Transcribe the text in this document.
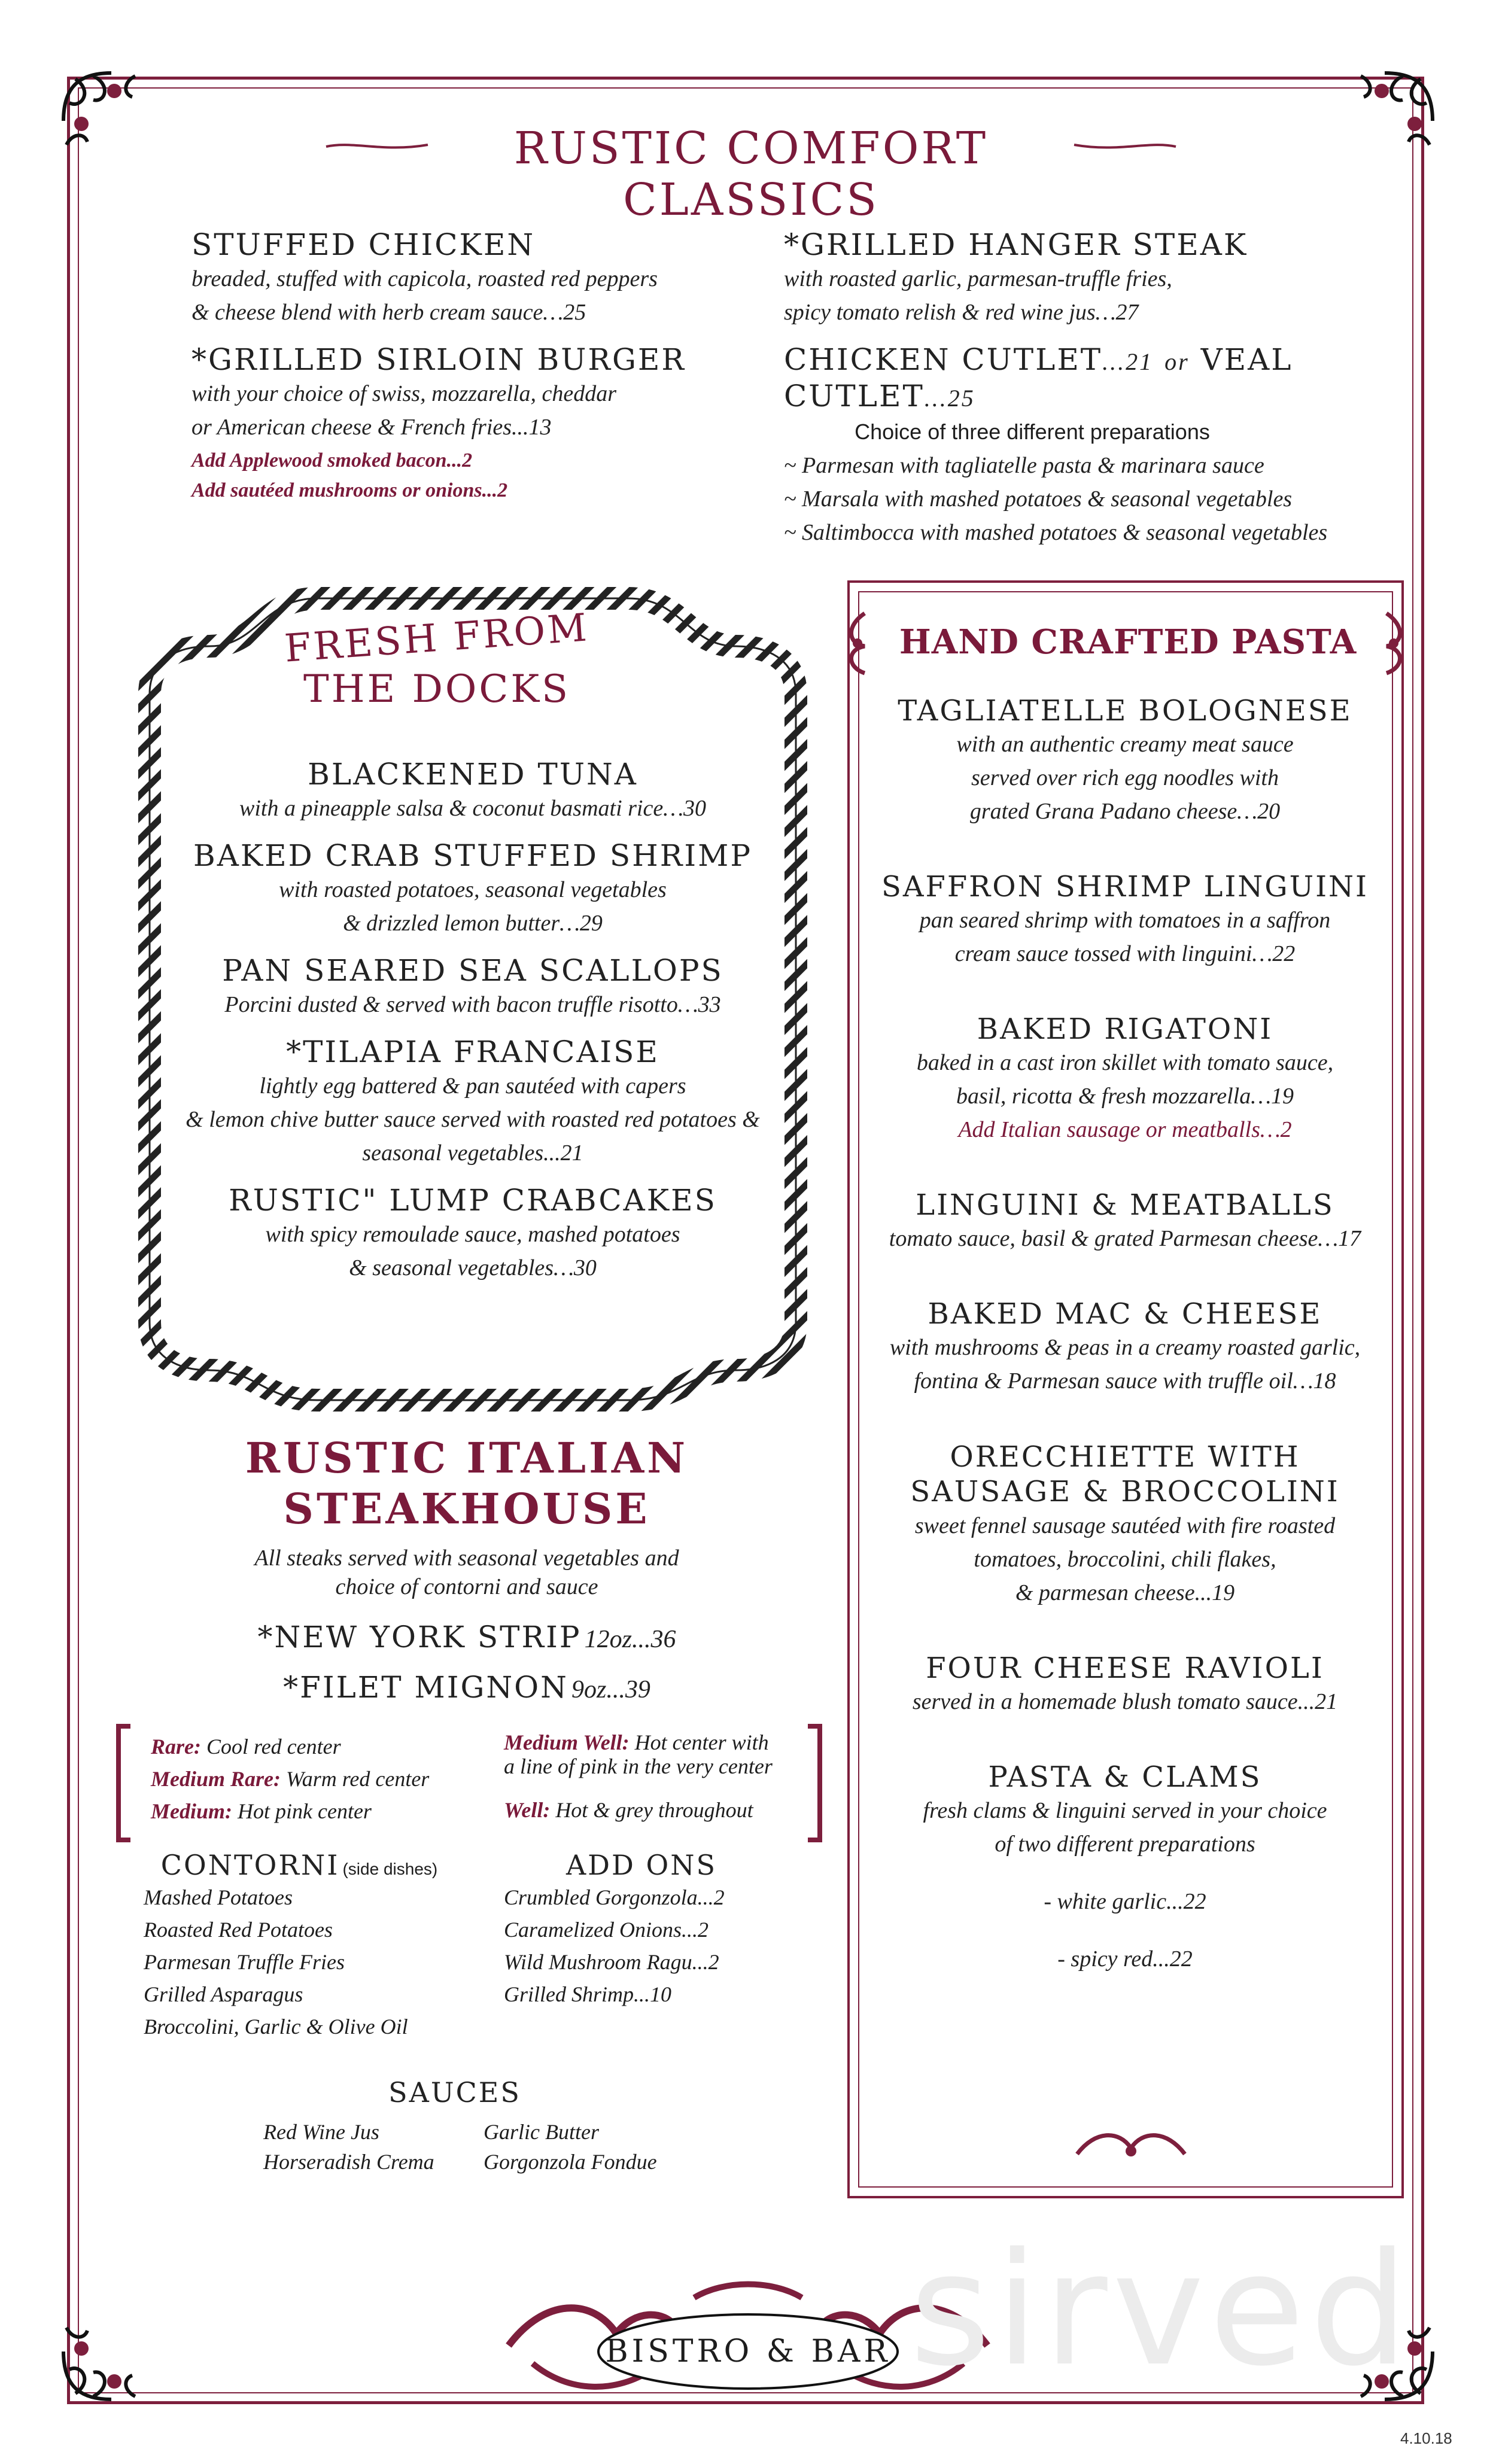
RUSTIC COMFORT CLASSICS
STUFFED CHICKEN
breaded, stuffed with capicola, roasted red peppers
& cheese blend with herb cream sauce…25
*GRILLED SIRLOIN BURGER
with your choice of swiss, mozzarella, cheddar
or American cheese & French fries...13
Add Applewood smoked bacon...2
Add sautéed mushrooms or onions...2
*GRILLED HANGER STEAK
with roasted garlic, parmesan-truffle fries,
spicy tomato relish & red wine jus…27
CHICKEN CUTLET...21 or VEAL CUTLET...25
Choice of three different preparations
~ Parmesan with tagliatelle pasta & marinara sauce
~ Marsala with mashed potatoes & seasonal vegetables
~ Saltimbocca with mashed potatoes & seasonal vegetables
FRESH FROM
THE DOCKS
BLACKENED TUNA
with a pineapple salsa & coconut basmati rice…30
BAKED CRAB STUFFED SHRIMP
with roasted potatoes, seasonal vegetables
& drizzled lemon butter…29
PAN SEARED SEA SCALLOPS
Porcini dusted & served with bacon truffle risotto…33
*TILAPIA FRANCAISE
lightly egg battered & pan sautéed with capers
& lemon chive butter sauce served with roasted red potatoes &
seasonal vegetables...21
RUSTIC" LUMP CRABCAKES
with spicy remoulade sauce, mashed potatoes
& seasonal vegetables…30
RUSTIC ITALIAN
STEAKHOUSE
All steaks served with seasonal vegetables and
choice of contorni and sauce
*NEW YORK STRIP 12oz...36
*FILET MIGNON 9oz...39
Rare: Cool red center
Medium Rare: Warm red center
Medium: Hot pink center
Medium Well: Hot center with
a line of pink in the very center
Well: Hot & grey throughout
CONTORNI (side dishes)
Mashed Potatoes
Roasted Red Potatoes
Parmesan Truffle Fries
Grilled Asparagus
Broccolini, Garlic & Olive Oil
ADD ONS
Crumbled Gorgonzola...2
Caramelized Onions...2
Wild Mushroom Ragu...2
Grilled Shrimp...10
SAUCES
Red Wine Jus
Horseradish Crema
Garlic Butter
Gorgonzola Fondue
HAND CRAFTED PASTA
TAGLIATELLE BOLOGNESE
with an authentic creamy meat sauce
served over rich egg noodles with
grated Grana Padano cheese…20
SAFFRON SHRIMP LINGUINI
pan seared shrimp with tomatoes in a saffron
cream sauce tossed with linguini…22
BAKED RIGATONI
baked in a cast iron skillet with tomato sauce,
basil, ricotta & fresh mozzarella…19
Add Italian sausage or meatballs…2
LINGUINI & MEATBALLS
tomato sauce, basil & grated Parmesan cheese…17
BAKED MAC & CHEESE
with mushrooms & peas in a creamy roasted garlic,
fontina & Parmesan sauce with truffle oil…18
ORECCHIETTE WITH
SAUSAGE & BROCCOLINI
sweet fennel sausage sautéed with fire roasted
tomatoes, broccolini, chili flakes,
& parmesan cheese...19
FOUR CHEESE RAVIOLI
served in a homemade blush tomato sauce...21
PASTA & CLAMS
fresh clams & linguini served in your choice
of two different preparations
- white garlic...22
- spicy red...22
BISTRO & BAR sirved
4.10.18
